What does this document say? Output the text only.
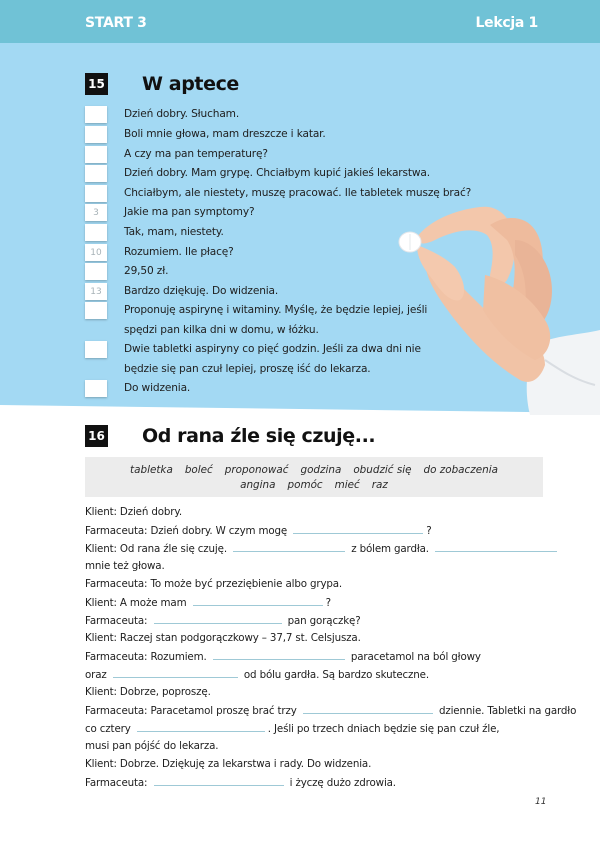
START 3	Lekcja 1
15 W aptece
Dzień dobry. Słucham.
Boli mnie głowa, mam dreszcze i katar.
A czy ma pan temperaturę?
Dzień dobry. Mam grypę. Chciałbym kupić jakieś lekarstwa.
Chciałbym, ale niestety, muszę pracować. Ile tabletek muszę brać?
3	Jakie ma pan symptomy?
Tak, mam, niestety.
10	Rozumiem. Ile płacę?
29,50 zł.
13	Bardzo dziękuję. Do widzenia.
Proponuję aspirynę i witaminy. Myślę, że będzie lepiej, jeśli
spędzi pan kilka dni w domu, w łóżku.
Dwie tabletki aspiryny co pięć godzin. Jeśli za dwa dni nie
będzie się pan czuł lepiej, proszę iść do lekarza.
Do widzenia.
16 Od rana źle się czuję...
tabletka boleć proponować godzina obudzić się do zobaczenia
angina pomóc mieć raz
Klient: Dzień dobry.
Farmaceuta: Dzień dobry. W czym mogę	?
Klient: Od rana źle się czuję.	z bólem gardła.
mnie też głowa.
Farmaceuta: To może być przeziębienie albo grypa.
Klient: A może mam	?
Farmaceuta:	pan gorączkę?
Klient: Raczej stan podgorączkowy – 37,7 st. Celsjusza.
Farmaceuta: Rozumiem.	paracetamol na ból głowy
oraz	od bólu gardła. Są bardzo skuteczne.
Klient: Dobrze, poproszę.
Farmaceuta: Paracetamol proszę brać trzy	dziennie. Tabletki na gardło
co cztery	. Jeśli po trzech dniach będzie się pan czuł źle,
musi pan pójść do lekarza.
Klient: Dobrze. Dziękuję za lekarstwa i rady. Do widzenia.
Farmaceuta:	i życzę dużo zdrowia.
11
